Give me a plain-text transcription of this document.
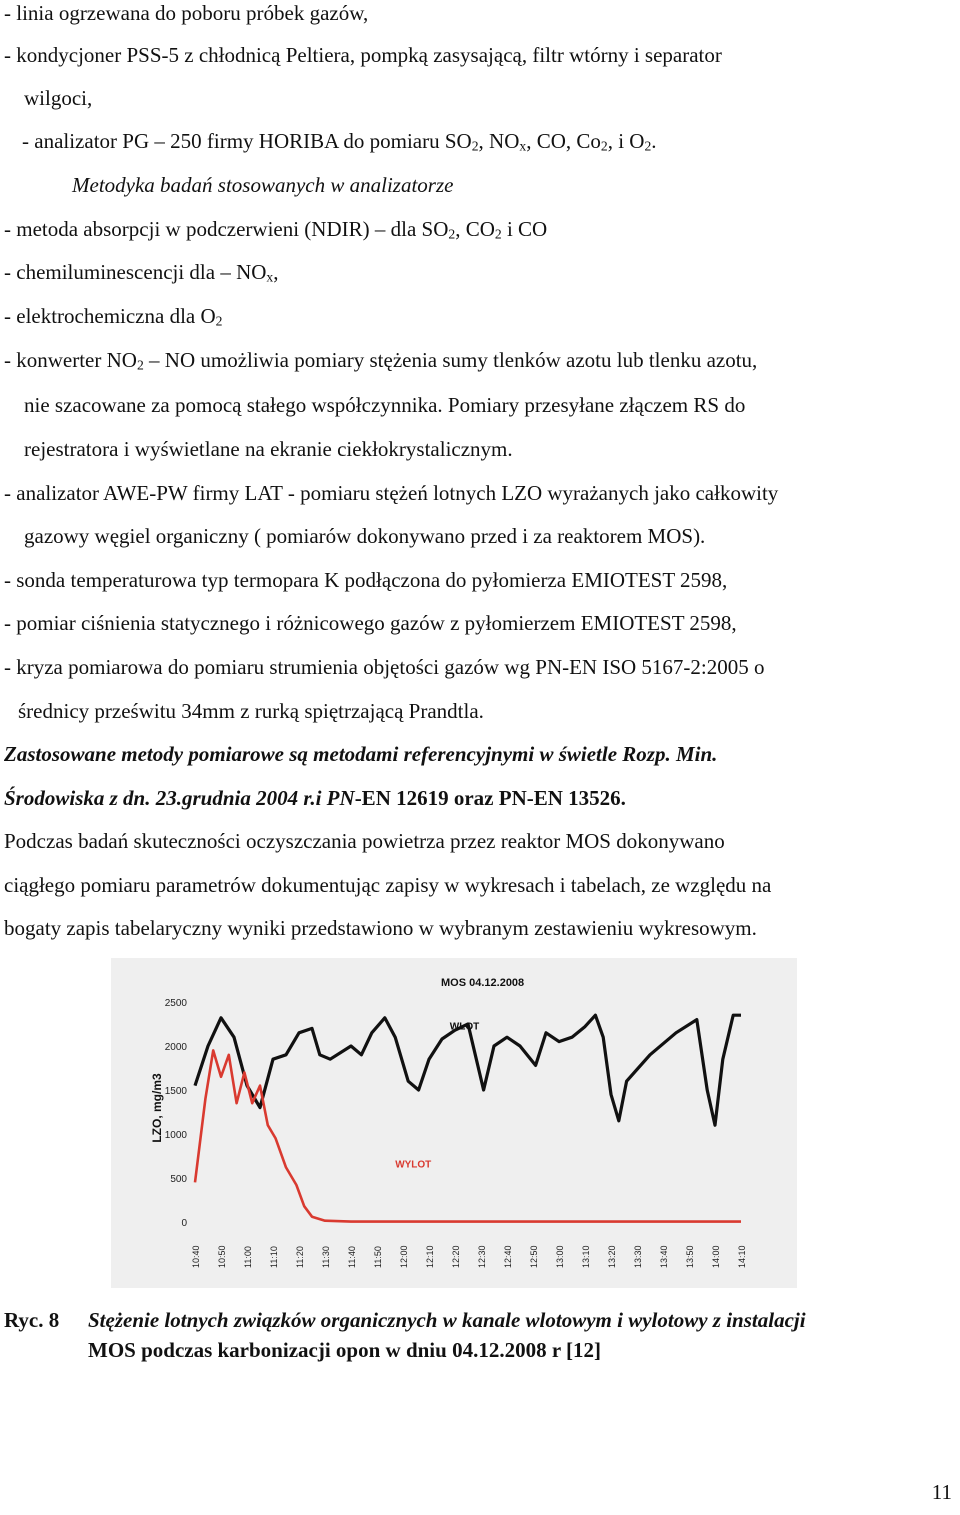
- linia ogrzewana do poboru próbek gazów,
- kondycjoner PSS-5 z chłodnicą Peltiera, pompką zasysającą, filtr wtórny i separator
wilgoci,
- analizator PG – 250 firmy HORIBA do pomiaru $SO_2$, $NO_x$, CO, $Co_2$, i $O_2$.
Metodyka badań stosowanych w analizatorze
- metoda absorpcji w podczerwieni (NDIR) – dla $SO_2$, $CO_2$ i CO
- chemiluminescencji dla – $NO_x$,
- elektrochemiczna dla $O_2$
- konwerter $NO_2$ – NO umożliwia pomiary stężenia sumy tlenków azotu lub tlenku azotu,
nie szacowane za pomocą stałego współczynnika. Pomiary przesyłane złączem RS do
rejestratora i wyświetlane na ekranie ciekłokrystalicznym.
- analizator AWE-PW firmy LAT - pomiaru stężeń lotnych LZO wyrażanych jako całkowity
gazowy węgiel organiczny ( pomiarów dokonywano przed i za reaktorem MOS).
- sonda temperaturowa typ termopara K podłączona do pyłomierza EMIOTEST 2598,
- pomiar ciśnienia statycznego i różnicowego gazów z pyłomierzem EMIOTEST 2598,
- kryza pomiarowa do pomiaru strumienia objętości gazów wg PN-EN ISO 5167-2:2005 o
średnicy prześwitu 34mm z rurką spiętrzającą Prandtla.
Zastosowane metody pomiarowe są metodami referencyjnymi w świetle Rozp. Min.
Środowiska z dn. 23.grudnia 2004 r.i PN-EN 12619 oraz PN-EN 13526.
Podczas badań skuteczności oczyszczania powietrza przez reaktor MOS dokonywano
ciągłego pomiaru parametrów dokumentując zapisy w wykresach i tabelach, ze względu na
bogaty zapis tabelaryczny wyniki przedstawiono w wybranym zestawieniu wykresowym.
MOS 04.12.2008
LZO, mg/m3
0
500
1000
1500
2000
2500
10:40 10:50 11:00 11:10 11:20 11:30 11:40 11:50 12:00 12:10 12:20 12:30 12:40 12:50 13:00 13:10 13:20 13:30 13:40 13:50 14:00 14:10
WLOT
WYLOT
Ryc. 8 Stężenie lotnych związków organicznych w kanale wlotowym i wylotowy z instalacji
MOS podczas karbonizacji opon w dniu 04.12.2008 r [12]
11
